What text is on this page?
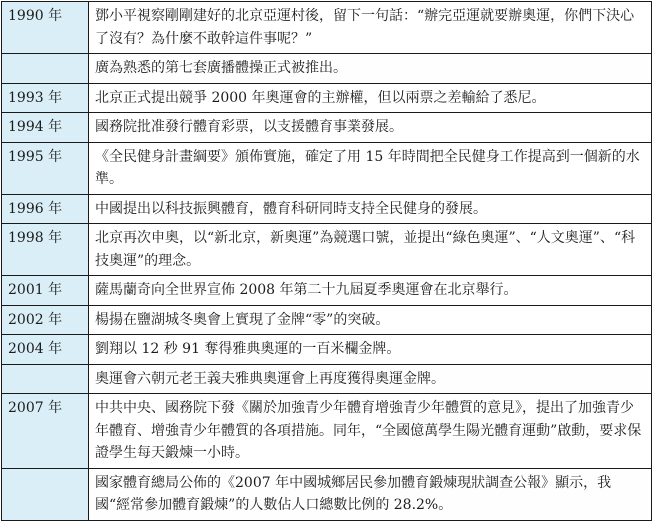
1990 年	鄧小平視察剛剛建好的北京亞運村後，留下一句話：“辦完亞運就要辦奧運，你們下決心了沒有？為什麼不敢幹這件事呢？”
	廣為熟悉的第七套廣播體操正式被推出。
1993 年	北京正式提出競爭 2000 年奧運會的主辦權，但以兩票之差輸給了悉尼。
1994 年	國務院批准發行體育彩票，以支援體育事業發展。
1995 年	《全民健身計畫綱要》頒佈實施，確定了用 15 年時間把全民健身工作提高到一個新的水準。
1996 年	中國提出以科技振興體育，體育科研同時支持全民健身的發展。
1998 年	北京再次申奧，以“新北京，新奧運”為競選口號，並提出“綠色奧運”、“人文奧運”、“科技奧運”的理念。
2001 年	薩馬蘭奇向全世界宣佈 2008 年第二十九屆夏季奧運會在北京舉行。
2002 年	楊揚在鹽湖城冬奧會上實現了金牌“零”的突破。
2004 年	劉翔以 12 秒 91 奪得雅典奧運的一百米欄金牌。
	奧運會六朝元老王義夫雅典奧運會上再度獲得奧運金牌。
2007 年	中共中央、國務院下發《關於加強青少年體育增強青少年體質的意見》，提出了加強青少年體育、增強青少年體質的各項措施。同年，“全國億萬學生陽光體育運動”啟動，要求保證學生每天鍛煉一小時。
	國家體育總局公佈的《2007 年中國城鄉居民參加體育鍛煉現狀調查公報》顯示，我國“經常參加體育鍛煉”的人數佔人口總數比例的 28.2%。
